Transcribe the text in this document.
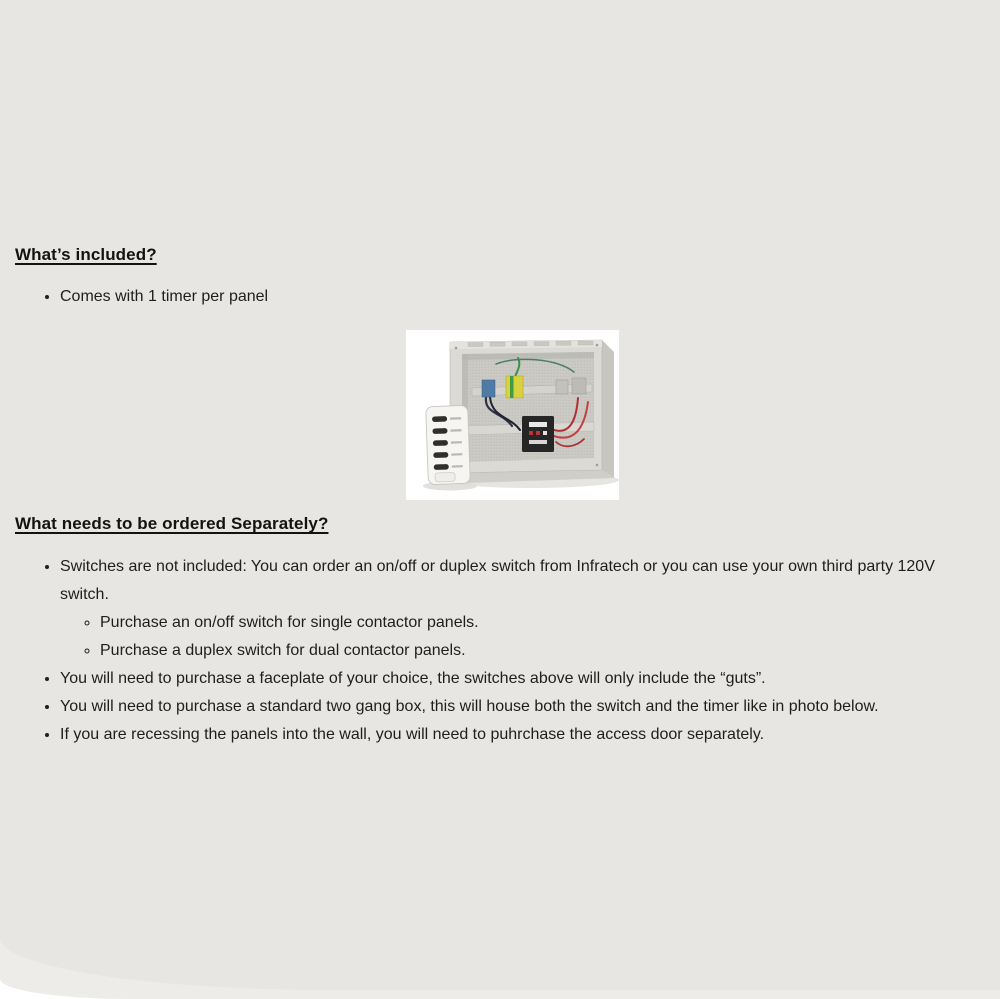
What’s included?
• Comes with 1 timer per panel
What needs to be ordered Separately?
• Switches are not included: You can order an on/off or duplex switch from Infratech or you can use your own third party 120V switch.
◦ Purchase an on/off switch for single contactor panels.
◦ Purchase a duplex switch for dual contactor panels.
• You will need to purchase a faceplate of your choice, the switches above will only include the “guts”.
• You will need to purchase a standard two gang box, this will house both the switch and the timer like in photo below.
• If you are recessing the panels into the wall, you will need to puhrchase the access door separately.
